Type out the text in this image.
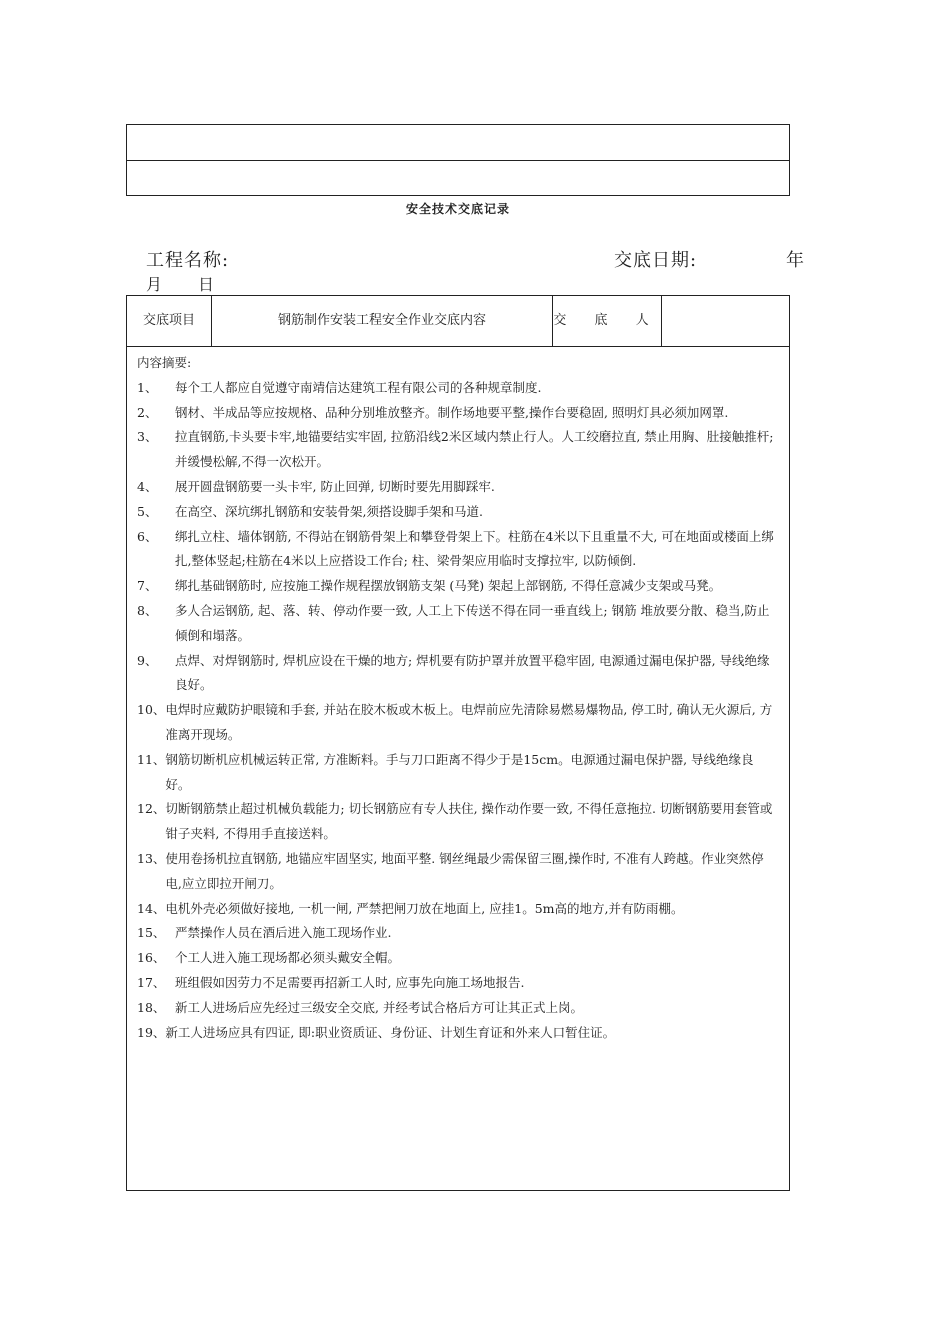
安全技术交底记录
工程名称:	交底日期:	年
月 日
交底项目	钢筋制作安装工程安全作业交底内容	交 底 人

内容摘要:

1、	每个工人都应自觉遵守南靖信达建筑工程有限公司的各种规章制度.
2、	钢材、半成品等应按规格、品种分别堆放整齐。制作场地要平整,操作台要稳固, 照明灯具必须加网罩.
3、	拉直钢筋,卡头要卡牢,地锚要结实牢固, 拉筋沿线2米区域内禁止行人。人工绞磨拉直, 禁止用胸、肚接触推杆; 并缓慢松解,不得一次松开。
4、	展开圆盘钢筋要一头卡牢, 防止回弹, 切断时要先用脚踩牢.
5、	在高空、深坑绑扎钢筋和安装骨架,须搭设脚手架和马道.
6、	绑扎立柱、墙体钢筋, 不得站在钢筋骨架上和攀登骨架上下。柱筋在4米以下且重量不大, 可在地面或楼面上绑扎,整体竖起;柱筋在4米以上应搭设工作台; 柱、梁骨架应用临时支撑拉牢, 以防倾倒.
7、	绑扎基础钢筋时, 应按施工操作规程摆放钢筋支架 (马凳) 架起上部钢筋, 不得任意减少支架或马凳。
8、	多人合运钢筋, 起、落、转、停动作要一致, 人工上下传送不得在同一垂直线上; 钢筋 堆放要分散、稳当,防止倾倒和塌落。
9、	点焊、对焊钢筋时, 焊机应设在干燥的地方; 焊机要有防护罩并放置平稳牢固, 电源通过漏电保护器, 导线绝缘良好。
10、 电焊时应戴防护眼镜和手套, 并站在胶木板或木板上。电焊前应先清除易燃易爆物品, 停工时, 确认无火源后, 方准离开现场。
11、 钢筋切断机应机械运转正常, 方准断料。手与刀口距离不得少于是15cm。电源通过漏电保护器, 导线绝缘良好。
12、 切断钢筋禁止超过机械负载能力; 切长钢筋应有专人扶住, 操作动作要一致, 不得任意拖拉. 切断钢筋要用套管或钳子夹料, 不得用手直接送料。
13、 使用卷扬机拉直钢筋, 地锚应牢固坚实, 地面平整. 钢丝绳最少需保留三圈,操作时, 不准有人跨越。作业突然停电,应立即拉开闸刀。
14、 电机外壳必须做好接地, 一机一闸, 严禁把闸刀放在地面上, 应挂1。5m高的地方,并有防雨棚。
15、 严禁操作人员在酒后进入施工现场作业.
16、 个工人进入施工现场都必须头戴安全帽。
17、 班组假如因劳力不足需要再招新工人时, 应事先向施工场地报告.
18、 新工人进场后应先经过三级安全交底, 并经考试合格后方可让其正式上岗。
19、 新工人进场应具有四证, 即:职业资质证、身份证、计划生育证和外来人口暂住证。
